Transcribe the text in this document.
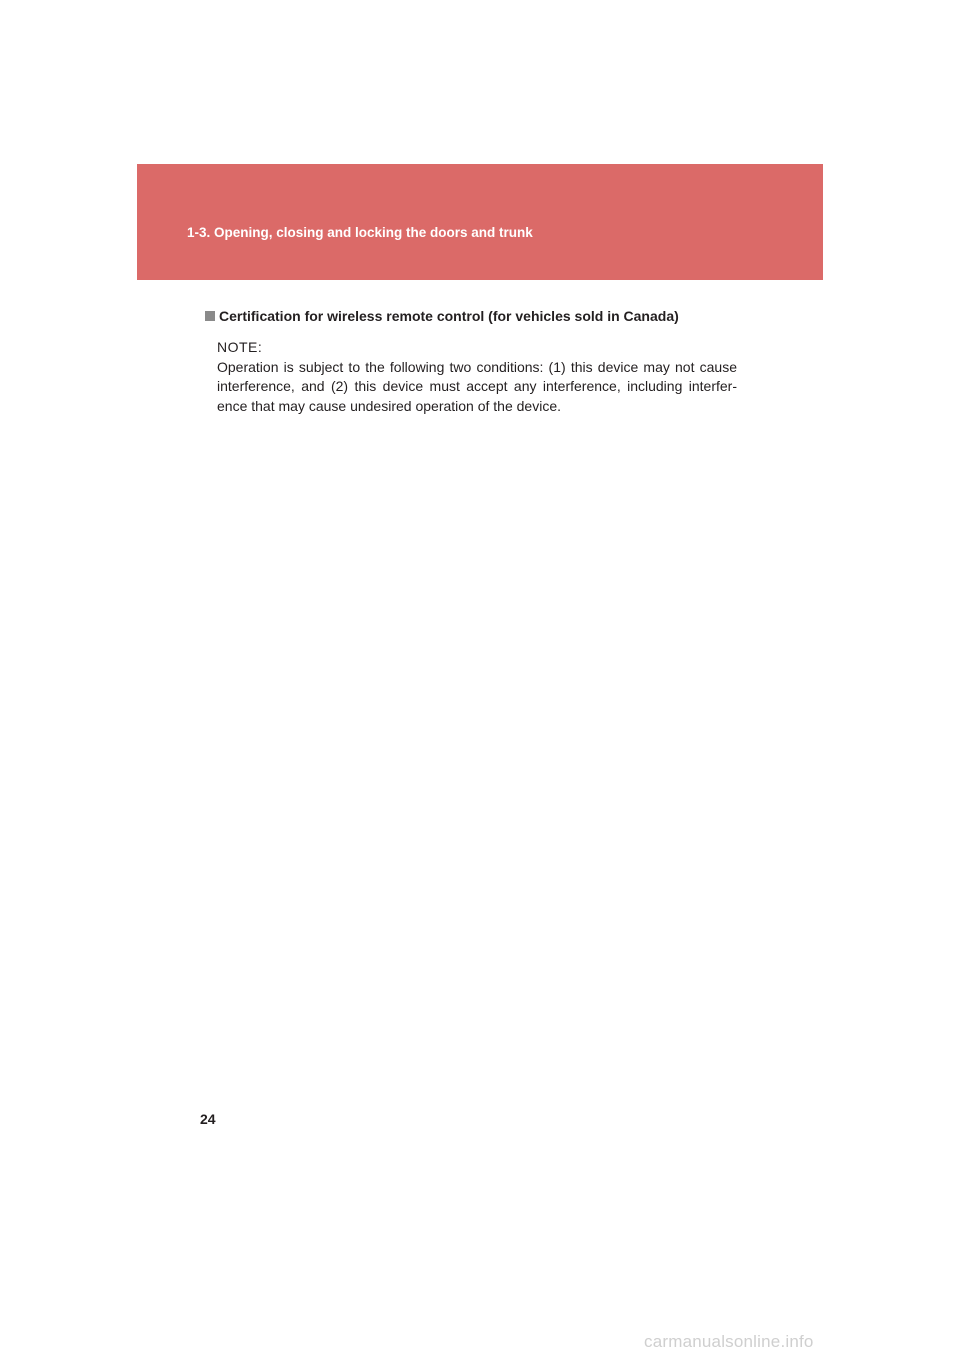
1-3. Opening, closing and locking the doors and trunk
Certification for wireless remote control (for vehicles sold in Canada)
NOTE:
Operation is subject to the following two conditions: (1) this device may not cause interference, and (2) this device must accept any interference, including interfer-ence that may cause undesired operation of the device.
24
carmanualsonline.info
